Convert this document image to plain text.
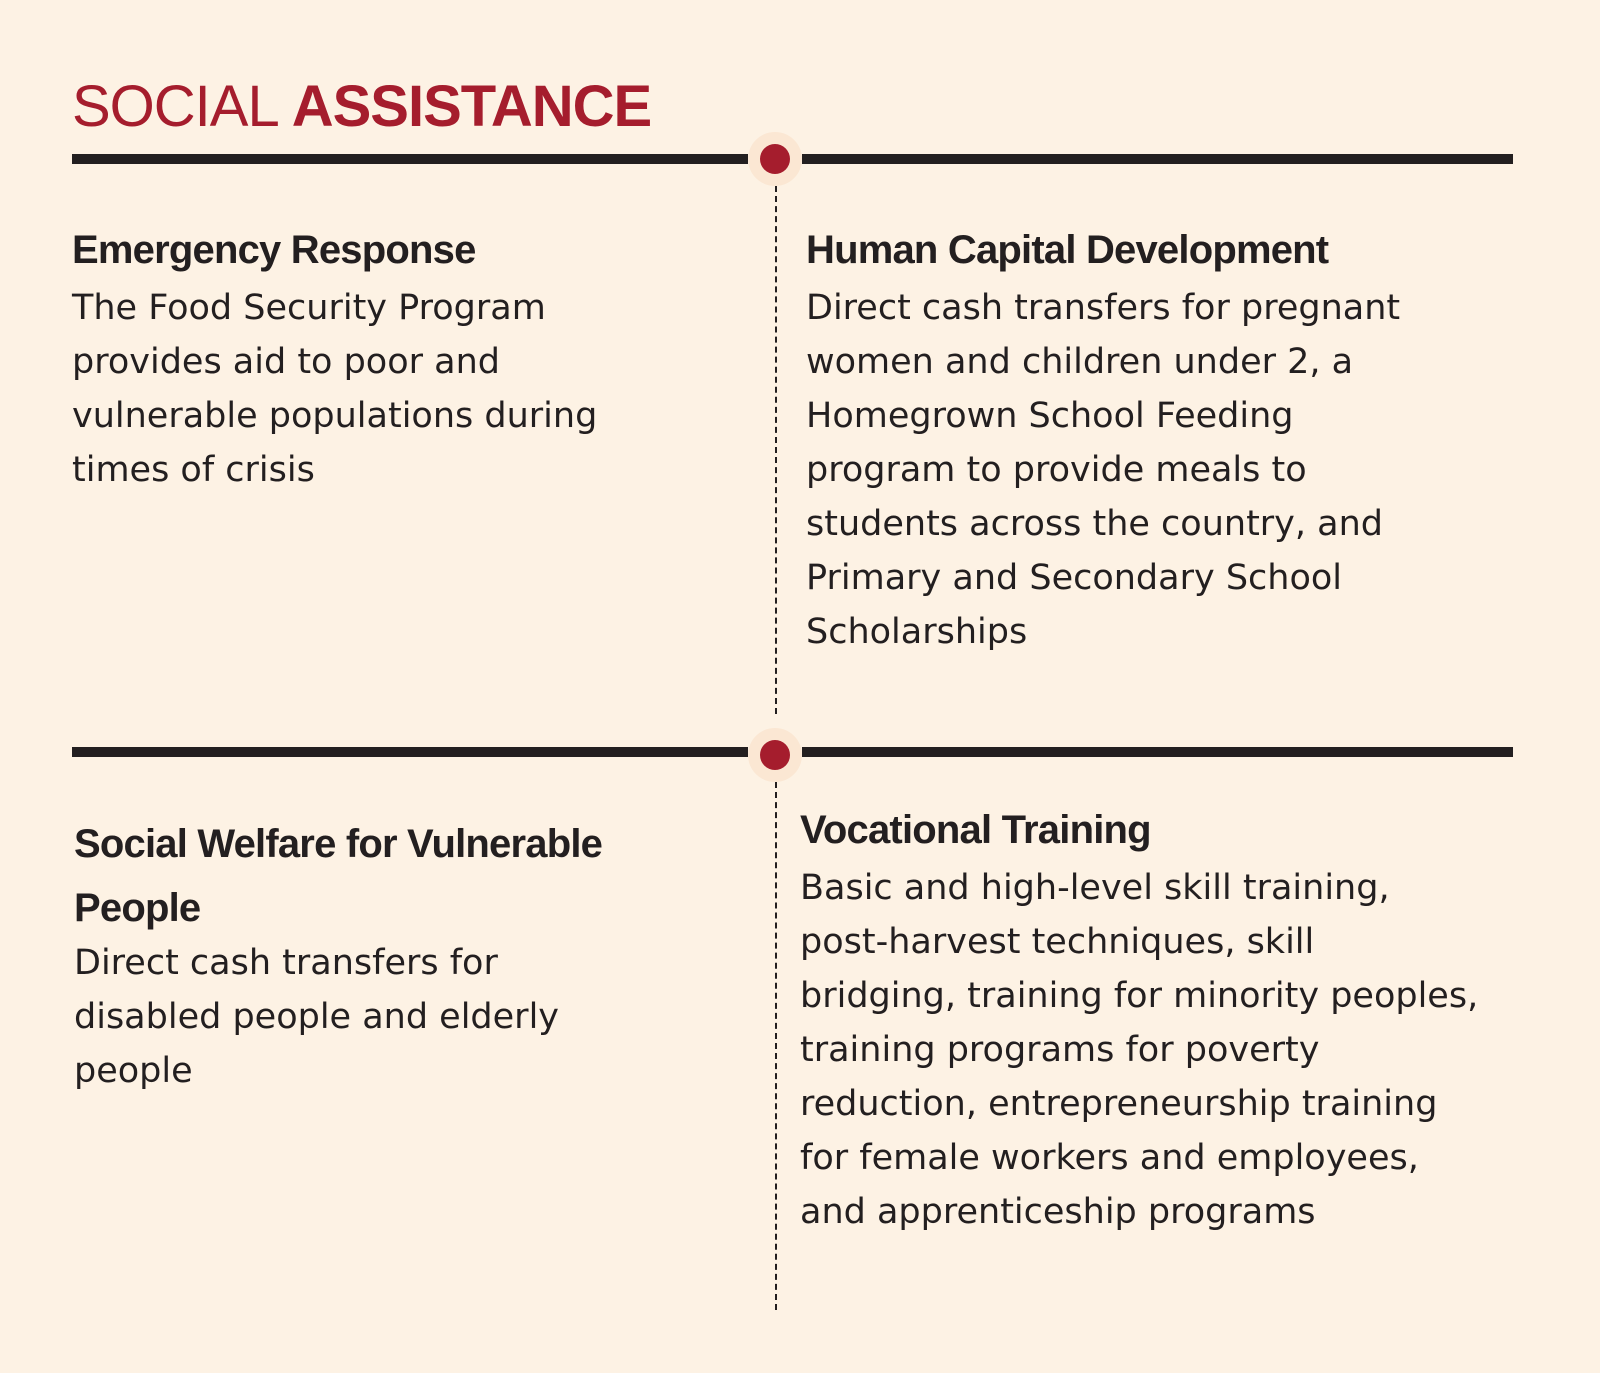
SOCIAL ASSISTANCE
Emergency Response

The Food Security Program provides aid to poor and vulnerable populations during times of crisis

Human Capital Development

Direct cash transfers for pregnant women and children under 2, a Homegrown School Feeding program to provide meals to students across the country, and Primary and Secondary School Scholarships

Social Welfare for Vulnerable People

Direct cash transfers for disabled people and elderly people

Vocational Training

Basic and high-level skill training, post-harvest techniques, skill bridging, training for minority peoples, training programs for poverty reduction, entrepreneurship training for female workers and employees, and apprenticeship programs
